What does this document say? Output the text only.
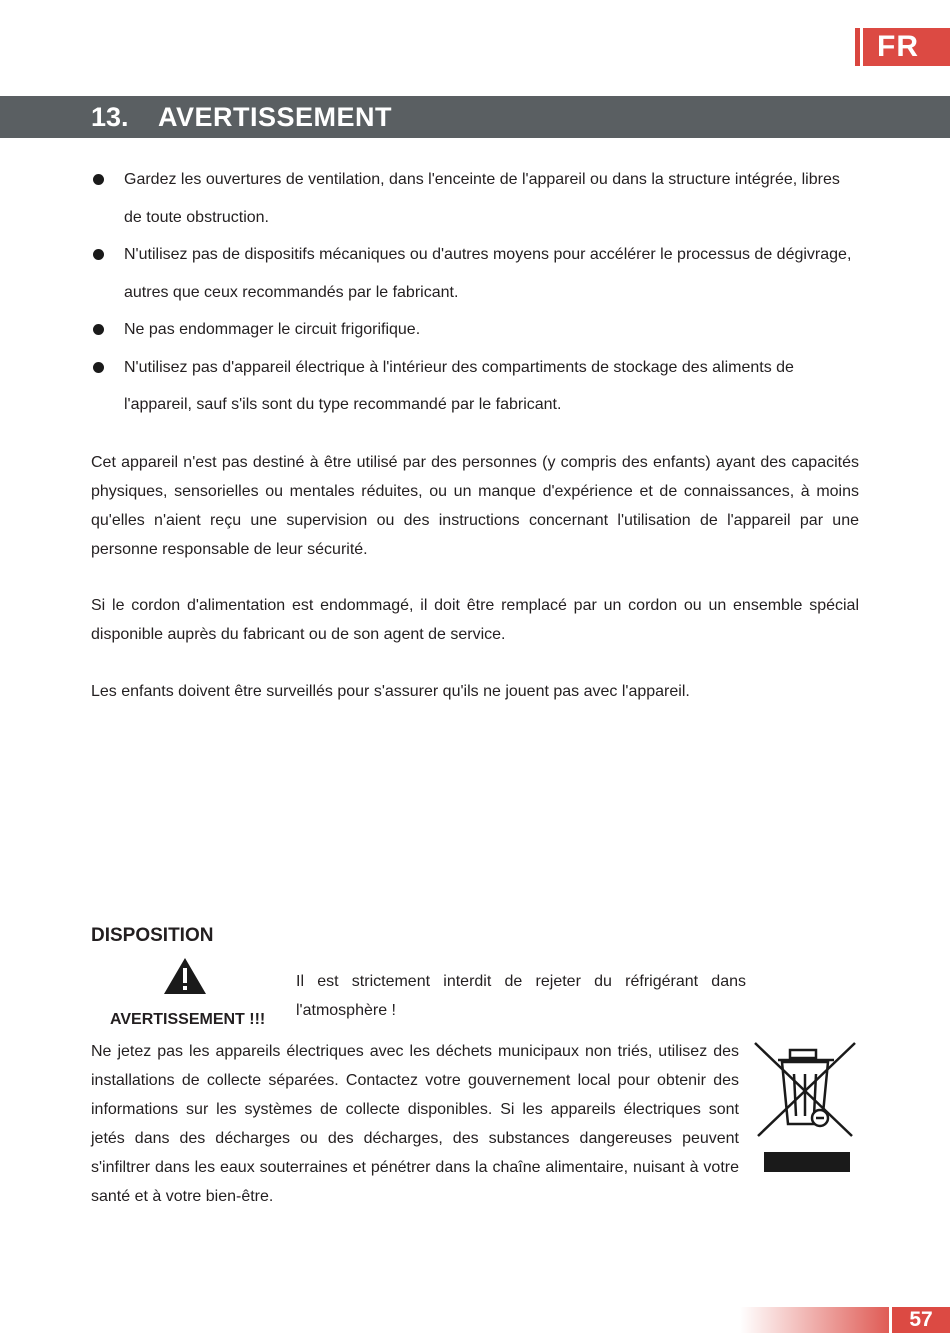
FR
13.	AVERTISSEMENT
Gardez les ouvertures de ventilation, dans l'enceinte de l'appareil ou dans la structure intégrée, libres de toute obstruction.
N'utilisez pas de dispositifs mécaniques ou d'autres moyens pour accélérer le processus de dégivrage, autres que ceux recommandés par le fabricant.
Ne pas endommager le circuit frigorifique.
N'utilisez pas d'appareil électrique à l'intérieur des compartiments de stockage des aliments de l'appareil, sauf s'ils sont du type recommandé par le fabricant.

Cet appareil n'est pas destiné à être utilisé par des personnes (y compris des enfants) ayant des capacités physiques, sensorielles ou mentales réduites, ou un manque d'expérience et de connaissances, à moins qu'elles n'aient reçu une supervision ou des instructions concernant l'utilisation de l'appareil par une personne responsable de leur sécurité.

Si le cordon d'alimentation est endommagé, il doit être remplacé par un cordon ou un ensemble spécial disponible auprès du fabricant ou de son agent de service.

Les enfants doivent être surveillés pour s'assurer qu'ils ne jouent pas avec l'appareil.

DISPOSITION
AVERTISSEMENT !!!

Il est strictement interdit de rejeter du réfrigérant dans l'atmosphère !

Ne jetez pas les appareils électriques avec les déchets municipaux non triés, utilisez des installations de collecte séparées. Contactez votre gouvernement local pour obtenir des informations sur les systèmes de collecte disponibles. Si les appareils électriques sont jetés dans des décharges ou des décharges, des substances dangereuses peuvent s'infiltrer dans les eaux souterraines et pénétrer dans la chaîne alimentaire, nuisant à votre santé et à votre bien-être.

57
